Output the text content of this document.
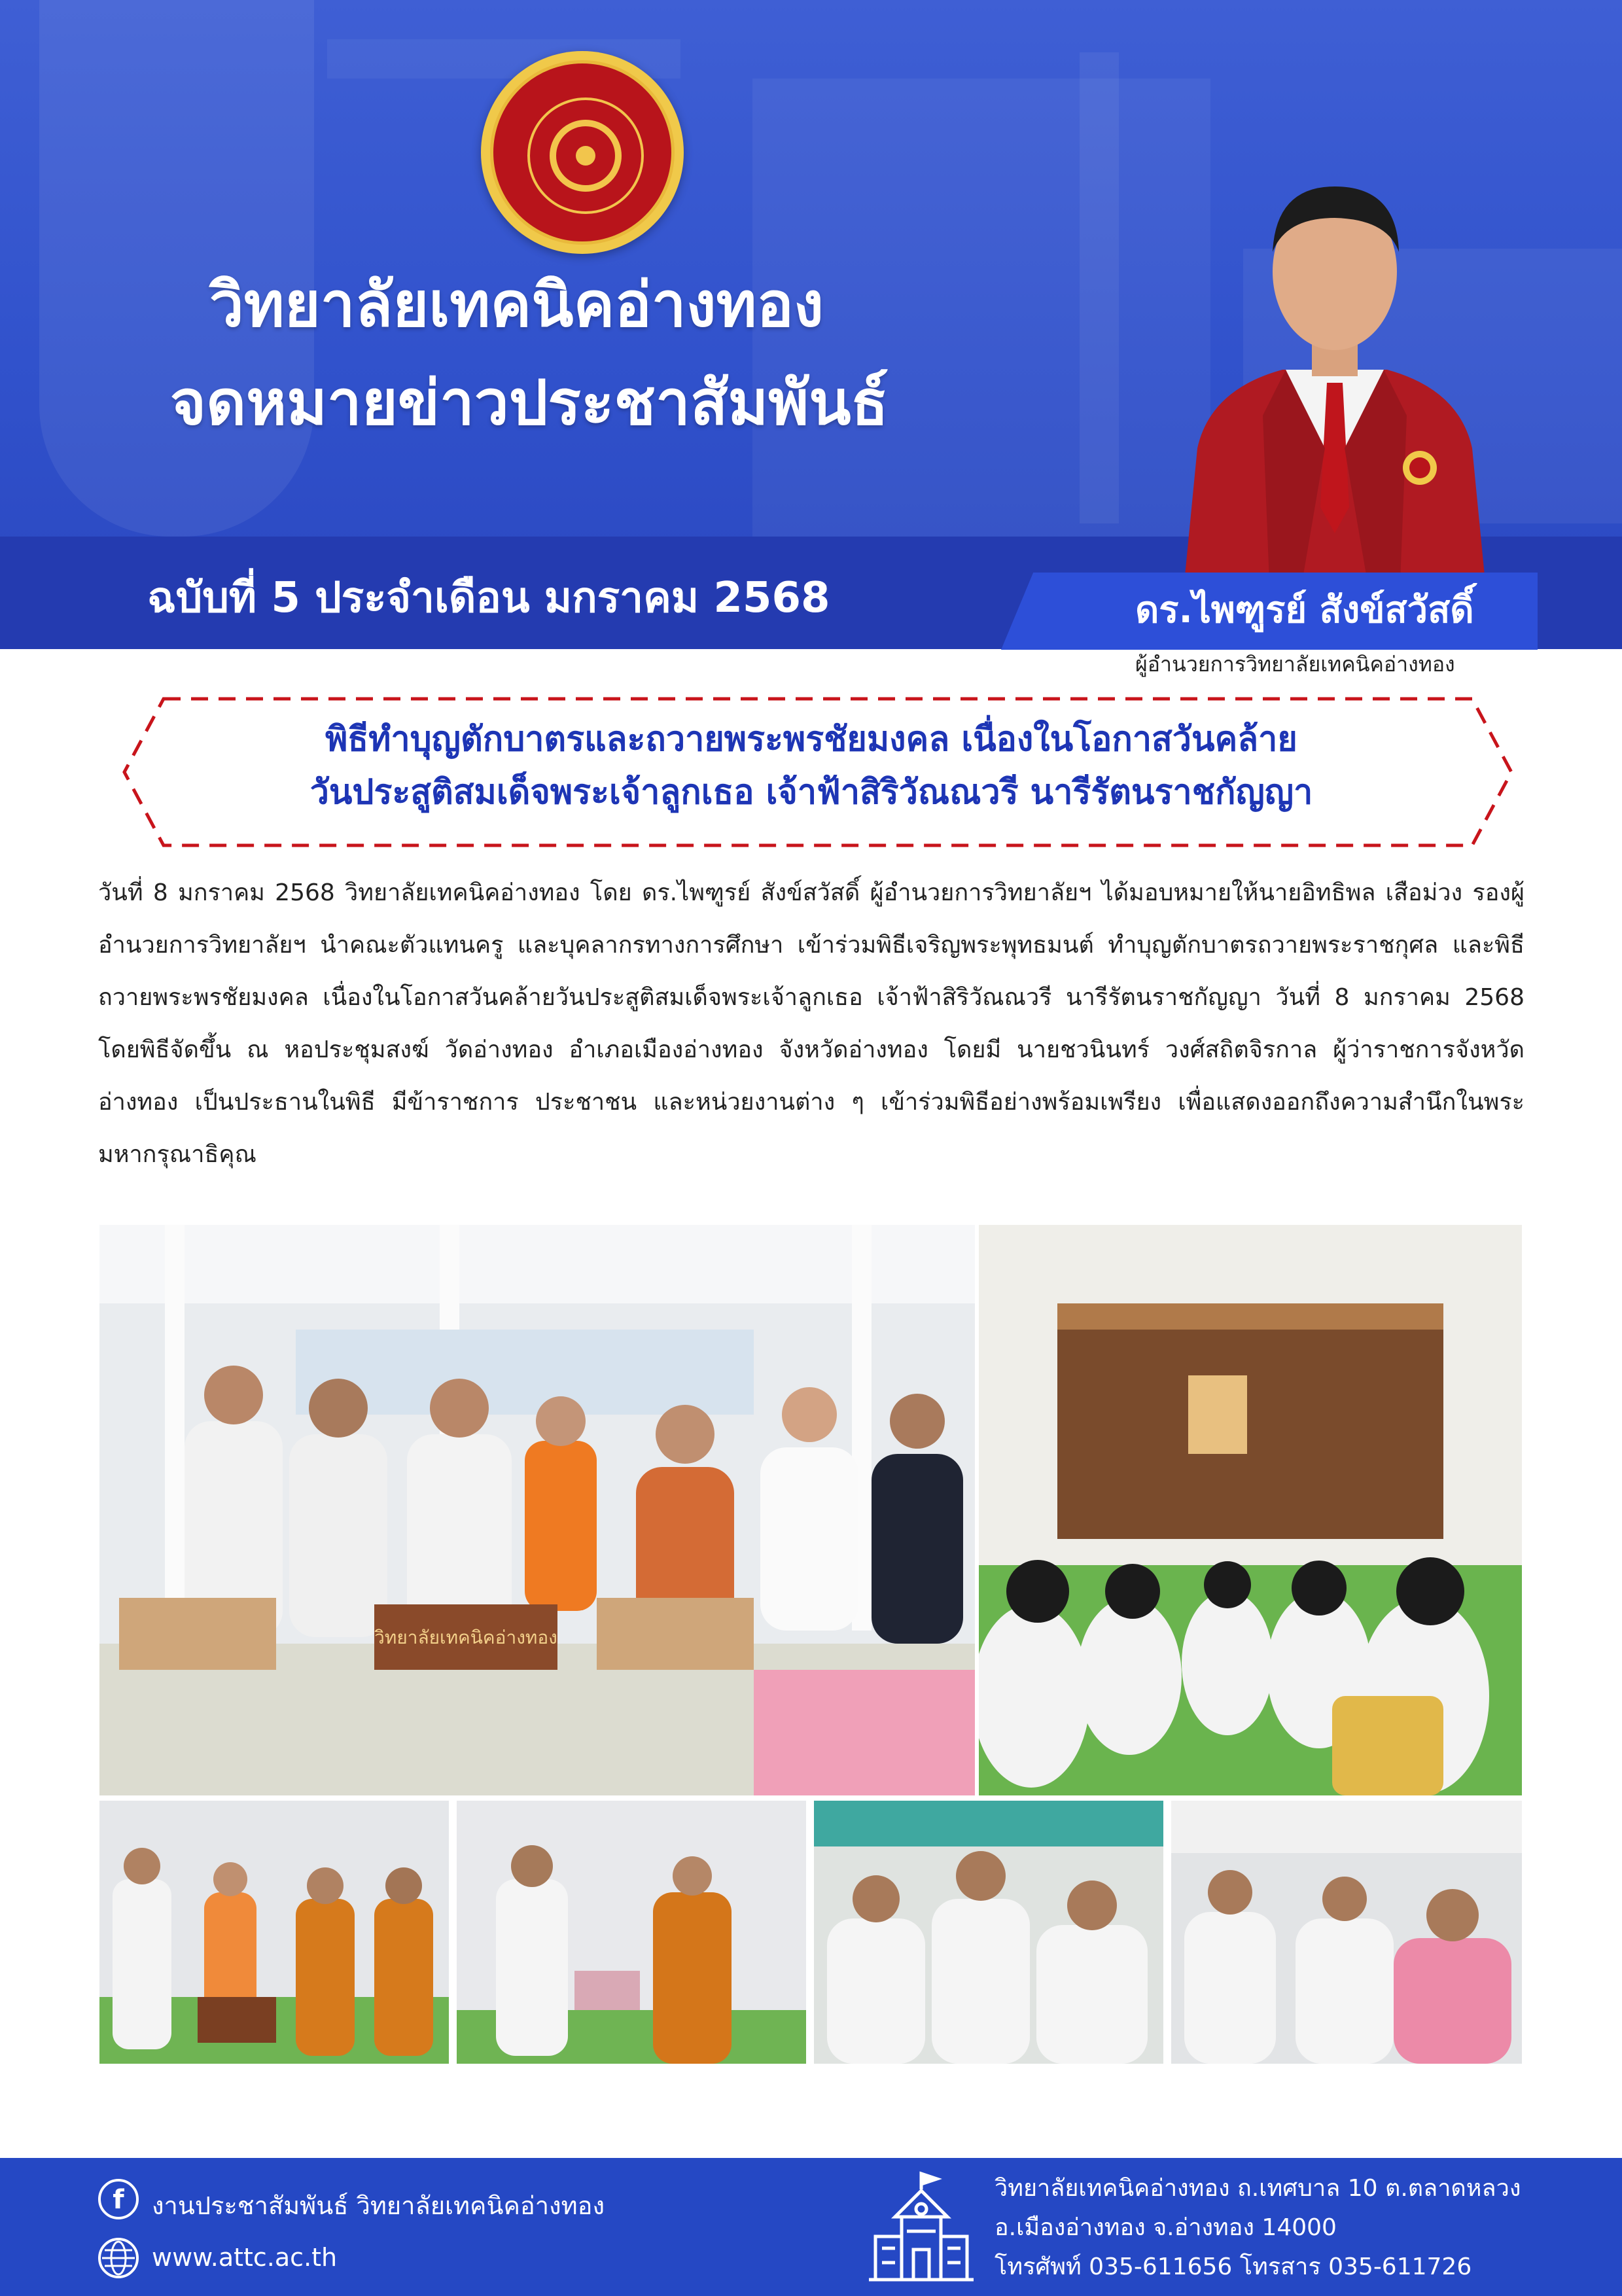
วิทยาลัยเทคนิคอ่างทอง
จดหมายข่าวประชาสัมพันธ์
ฉบับที่ 5 ประจำเดือน มกราคม 2568	ดร.ไพฑูรย์ สังข์สวัสดิ์
ผู้อำนวยการวิทยาลัยเทคนิคอ่างทอง
พิธีทำบุญตักบาตรและถวายพระพรชัยมงคล เนื่องในโอกาสวันคล้าย
วันประสูติสมเด็จพระเจ้าลูกเธอ เจ้าฟ้าสิริวัณณวรี นารีรัตนราชกัญญา
วันที่ 8 มกราคม 2568 วิทยาลัยเทคนิคอ่างทอง โดย ดร.ไพฑูรย์ สังข์สวัสดิ์ ผู้อำนวยการวิทยาลัยฯ ได้มอบหมายให้นายอิทธิพล เสือม่วง รองผู้อำนวยการวิทยาลัยฯ นำคณะตัวแทนครู และบุคลากรทางการศึกษา เข้าร่วมพิธีเจริญพระพุทธมนต์ ทำบุญตักบาตรถวายพระราชกุศล และพิธีถวายพระพรชัยมงคล เนื่องในโอกาสวันคล้ายวันประสูติสมเด็จพระเจ้าลูกเธอ เจ้าฟ้าสิริวัณณวรี นารีรัตนราชกัญญา วันที่ 8 มกราคม 2568 โดยพิธีจัดขึ้น ณ หอประชุมสงฆ์ วัดอ่างทอง อำเภอเมืองอ่างทอง จังหวัดอ่างทอง โดยมี นายชวนินทร์ วงศ์สถิตจิรกาล ผู้ว่าราชการจังหวัดอ่างทอง เป็นประธานในพิธี มีข้าราชการ ประชาชน และหน่วยงานต่าง ๆ เข้าร่วมพิธีอย่างพร้อมเพรียง เพื่อแสดงออกถึงความสำนึกในพระมหากรุณาธิคุณ
วิทยาลัยเทคนิคอ่างทอง
f	งานประชาสัมพันธ์ วิทยาลัยเทคนิคอ่างทอง
www.attc.ac.th
วิทยาลัยเทคนิคอ่างทอง ถ.เทศบาล 10 ต.ตลาดหลวง
อ.เมืองอ่างทอง จ.อ่างทอง 14000
โทรศัพท์ 035-611656 โทรสาร 035-611726
